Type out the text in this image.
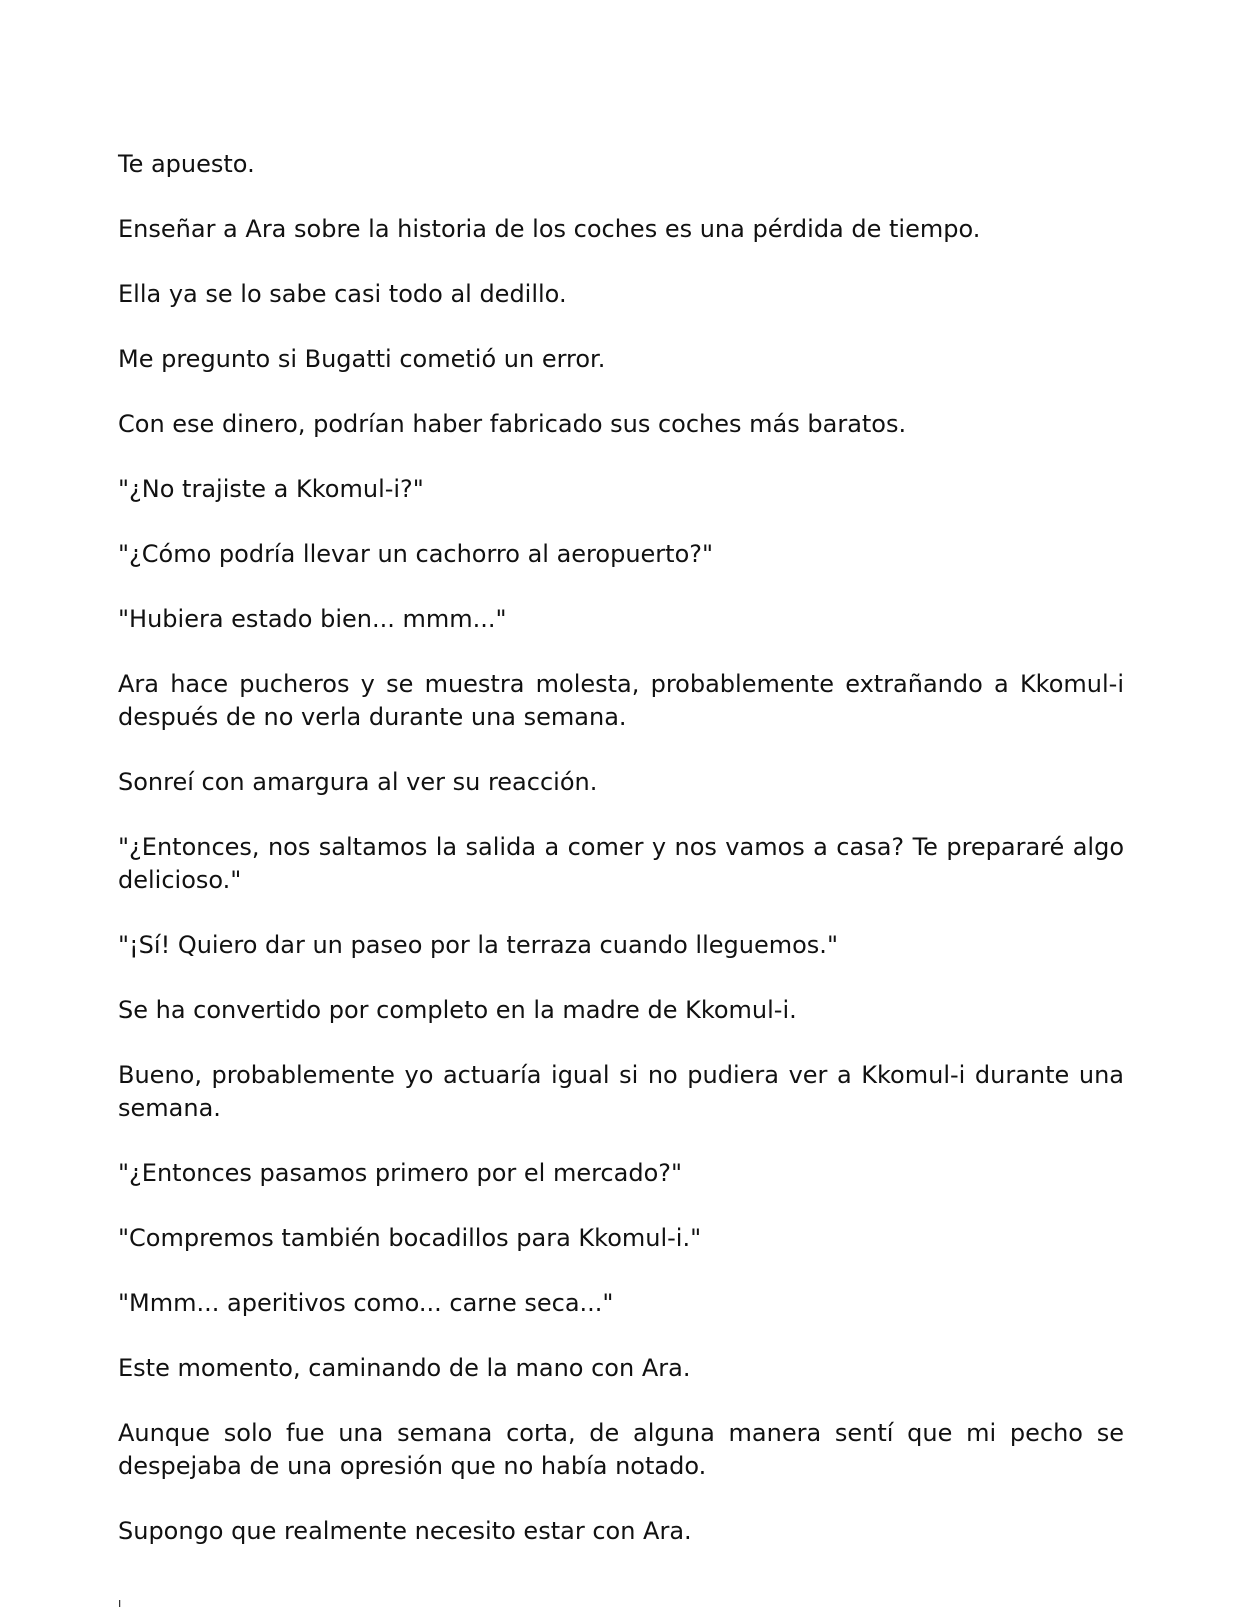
Te apuesto.

Enseñar a Ara sobre la historia de los coches es una pérdida de tiempo.

Ella ya se lo sabe casi todo al dedillo.

Me pregunto si Bugatti cometió un error.

Con ese dinero, podrían haber fabricado sus coches más baratos.

"¿No trajiste a Kkomul-i?"

"¿Cómo podría llevar un cachorro al aeropuerto?"

"Hubiera estado bien... mmm..."

Ara hace pucheros y se muestra molesta, probablemente extrañando a Kkomul-i después de no verla durante una semana.

Sonreí con amargura al ver su reacción.

"¿Entonces, nos saltamos la salida a comer y nos vamos a casa? Te prepararé algo delicioso."

"¡Sí! Quiero dar un paseo por la terraza cuando lleguemos."

Se ha convertido por completo en la madre de Kkomul-i.

Bueno, probablemente yo actuaría igual si no pudiera ver a Kkomul-i durante una semana.

"¿Entonces pasamos primero por el mercado?"

"Compremos también bocadillos para Kkomul-i."

"Mmm... aperitivos como... carne seca..."

Este momento, caminando de la mano con Ara.

Aunque solo fue una semana corta, de alguna manera sentí que mi pecho se despejaba de una opresión que no había notado.

Supongo que realmente necesito estar con Ara.

ı
